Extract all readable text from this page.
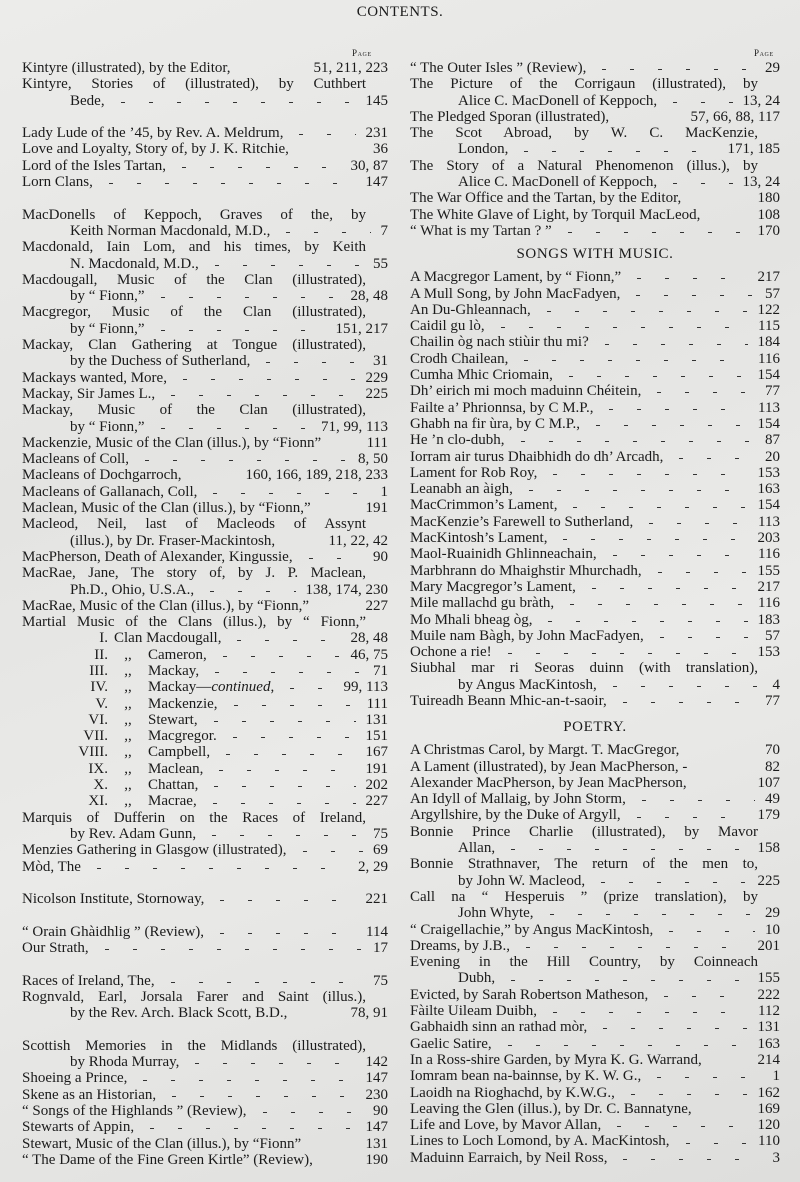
CONTENTS.
Page	Page
Kintyre (illustrated), by the Editor,	51, 211, 223
Kintyre, Stories of (illustrated), by Cuthbert
Bede,	145
Lady Lude of the ’45, by Rev. A. Meldrum,	231
Love and Loyalty, Story of, by J. K. Ritchie,	36
Lord of the Isles Tartan,	30, 87
Lorn Clans,	147
MacDonells of Keppoch, Graves of the, by
Keith Norman Macdonald, M.D.,	7
Macdonald, Iain Lom, and his times, by Keith
N. Macdonald, M.D.,	55
Macdougall, Music of the Clan (illustrated),
by “ Fionn,”	28, 48
Macgregor, Music of the Clan (illustrated),
by “ Fionn,”	151, 217
Mackay, Clan Gathering at Tongue (illustrated),
by the Duchess of Sutherland,	31
Mackays wanted, More,	229
Mackay, Sir James L.,	225
Mackay, Music of the Clan (illustrated),
by “ Fionn,”	71, 99, 113
Mackenzie, Music of the Clan (illus.), by “Fionn”	111
Macleans of Coll,	8, 50
Macleans of Dochgarroch,	160, 166, 189, 218, 233
Macleans of Gallanach, Coll,	1
Maclean, Music of the Clan (illus.), by “Fionn,”	191
Macleod, Neil, last of Macleods of Assynt
(illus.), by Dr. Fraser-Mackintosh,	11, 22, 42
MacPherson, Death of Alexander, Kingussie,	90
MacRae, Jane, The story of, by J. P. Maclean,
Ph.D., Ohio, U.S.A.,	138, 174, 230
MacRae, Music of the Clan (illus.), by “Fionn,”	227
Martial Music of the Clans (illus.), by “ Fionn,”
I. Clan Macdougall,	28, 48
II.	,,	Cameron,	46, 75
III.	,,	Mackay,	71
IV.	,,	Mackay—continued,	99, 113
V.	,,	Mackenzie,	111
VI.	,,	Stewart,	131
VII.	,,	Macgregor.	151
VIII.	,,	Campbell,	167
IX.	,,	Maclean,	191
X.	,,	Chattan,	202
XI.	,,	Macrae,	227
Marquis of Dufferin on the Races of Ireland,
by Rev. Adam Gunn,	75
Menzies Gathering in Glasgow (illustrated),	69
Mòd, The	2, 29
Nicolson Institute, Stornoway,	221
“ Orain Ghàidhlig ” (Review),	114
Our Strath,	17
Races of Ireland, The,	75
Rognvald, Earl, Jorsala Farer and Saint (illus.),
by the Rev. Arch. Black Scott, B.D.,	78, 91
Scottish Memories in the Midlands (illustrated),
by Rhoda Murray,	142
Shoeing a Prince,	147
Skene as an Historian,	230
“ Songs of the Highlands ” (Review),	90
Stewarts of Appin,	147
Stewart, Music of the Clan (illus.), by “Fionn”	131
“ The Dame of the Fine Green Kirtle” (Review),	190
“ The Outer Isles ” (Review),	29
The Picture of the Corrigaun (illustrated), by
Alice C. MacDonell of Keppoch,	13, 24
The Pledged Sporan (illustrated),	57, 66, 88, 117
The Scot Abroad, by W. C. MacKenzie,
London,	171, 185
The Story of a Natural Phenomenon (illus.), by
Alice C. MacDonell of Keppoch,	13, 24
The War Office and the Tartan, by the Editor,	180
The White Glave of Light, by Torquil MacLeod,	108
“ What is my Tartan ? ”	170
SONGS WITH MUSIC.
A Macgregor Lament, by “ Fionn,”	217
A Mull Song, by John MacFadyen,	57
An Du-Ghleannach,	122
Caidil gu lò,	115
Chailin òg nach stiùir thu mi?	184
Crodh Chailean,	116
Cumha Mhic Criomain,	154
Dh’ eirich mi moch maduinn Chéitein,	77
Failte a’ Phrionnsa, by C M.P.,	113
Ghabh na fir ùra, by C M.P.,	154
He ’n clo-dubh,	87
Iorram air turus Dhaibhidh do dh’ Arcadh,	20
Lament for Rob Roy,	153
Leanabh an àigh,	163
MacCrimmon’s Lament,	154
MacKenzie’s Farewell to Sutherland,	113
MacKintosh’s Lament,	203
Maol-Ruainidh Ghlinneachain,	116
Marbhrann do Mhaighstir Mhurchadh,	155
Mary Macgregor’s Lament,	217
Mile mallachd gu bràth,	116
Mo Mhali bheag òg,	183
Muile nam Bàgh, by John MacFadyen,	57
Ochone a rie!	153
Siubhal mar ri Seoras duinn (with translation),
by Angus MacKintosh,	4
Tuireadh Beann Mhic-an-t-saoir,	77
POETRY.
A Christmas Carol, by Margt. T. MacGregor,	70
A Lament (illustrated), by Jean MacPherson, -	82
Alexander MacPherson, by Jean MacPherson,	107
An Idyll of Mallaig, by John Storm,	49
Argyllshire, by the Duke of Argyll,	179
Bonnie Prince Charlie (illustrated), by Mavor
Allan,	158
Bonnie Strathnaver, The return of the men to,
by John W. Macleod,	225
Call na “ Hesperuis ” (prize translation), by
John Whyte,	29
“ Craigellachie,” by Angus MacKintosh,	10
Dreams, by J.B.,	201
Evening in the Hill Country, by Coinneach
Dubh,	155
Evicted, by Sarah Robertson Matheson,	222
Fàilte Uileam Duibh,	112
Gabhaidh sinn an rathad mòr,	131
Gaelic Satire,	163
In a Ross-shire Garden, by Myra K. G. Warrand,	214
Iomram bean na-bainnse, by K. W. G.,	1
Laoidh na Rioghachd, by K.W.G.,	162
Leaving the Glen (illus.), by Dr. C. Bannatyne,	169
Life and Love, by Mavor Allan,	120
Lines to Loch Lomond, by A. MacKintosh,	110
Maduinn Earraich, by Neil Ross,	3
